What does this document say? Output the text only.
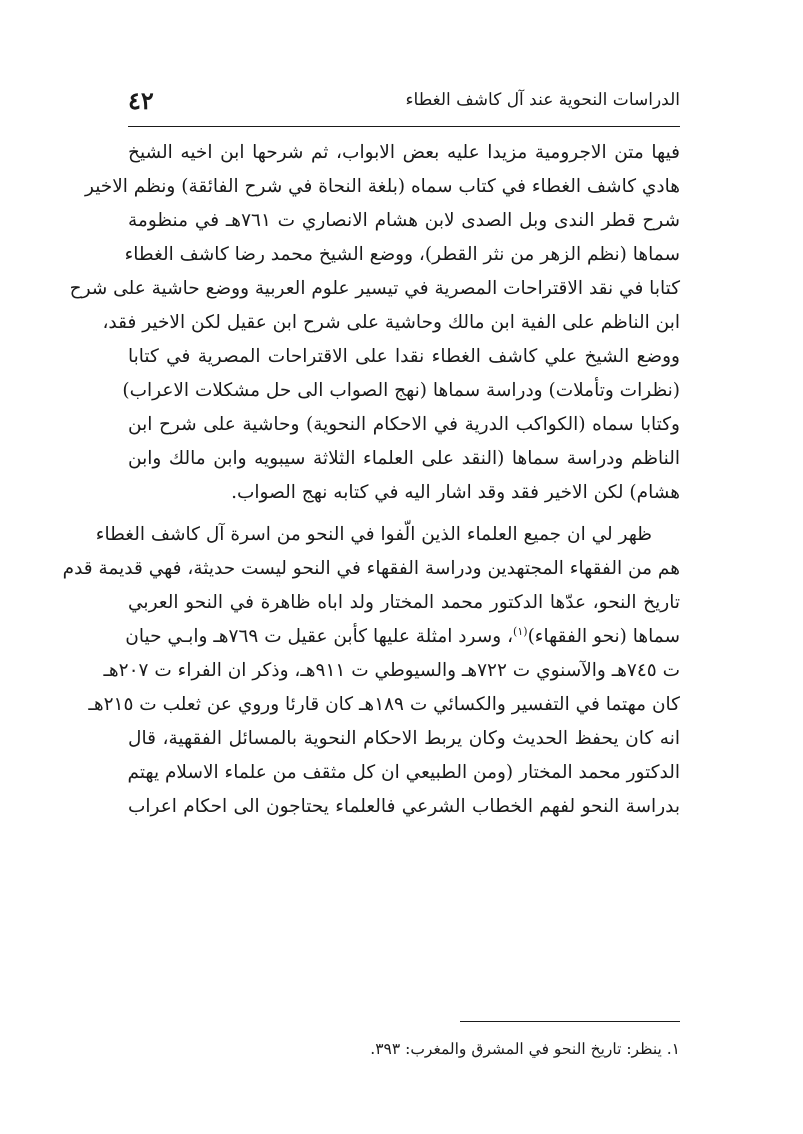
الدراسات النحوية عند آل كاشف الغطاء
٤٢
فيها متن الاجرومية مزيدا عليه بعض الابواب، ثم شرحها ابن اخيه الشيخ
هادي كاشف الغطاء في كتاب سماه (بلغة النحاة في شرح الفائقة) ونظم الاخير
شرح قطر الندى وبل الصدى لابن هشام الانصاري ت ٧٦١هـ في منظومة
سماها (نظم الزهر من نثر القطر)، ووضع الشيخ محمد رضا كاشف الغطاء
كتابا في نقد الاقتراحات المصرية في تيسير علوم العربية ووضع حاشية على شرح
ابن الناظم على الفية ابن مالك وحاشية على شرح ابن عقيل لكن الاخير فقد،
ووضع الشيخ علي كاشف الغطاء نقدا على الاقتراحات المصرية في كتابا
(نظرات وتأملات) ودراسة سماها (نهج الصواب الى حل مشكلات الاعراب)
وكتابا سماه (الكواكب الدرية في الاحكام النحوية) وحاشية على شرح ابن
الناظم ودراسة سماها (النقد على العلماء الثلاثة سيبويه وابن مالك وابن
هشام) لكن الاخير فقد وقد اشار اليه في كتابه نهج الصواب.
ظهر لي ان جميع العلماء الذين الّفوا في النحو من اسرة آل كاشف الغطاء
هم من الفقهاء المجتهدين ودراسة الفقهاء في النحو ليست حديثة، فهي قديمة قدم
تاريخ النحو، عدّها الدكتور محمد المختار ولد اباه ظاهرة في النحو العربي
سماها (نحو الفقهاء)$^{(١)}$، وسرد امثلة عليها كأبن عقيل ت ٧٦٩هـ وابـي حيان
ت ٧٤٥هـ والآسنوي ت ٧٢٢هـ والسيوطي ت ٩١١هـ، وذكر ان الفراء ت ٢٠٧هـ
كان مهتما في التفسير والكسائي ت ١٨٩هـ كان قارئا وروي عن ثعلب ت ٢١٥هـ
انه كان يحفظ الحديث وكان يربط الاحكام النحوية بالمسائل الفقهية، قال
الدكتور محمد المختار (ومن الطبيعي ان كل مثقف من علماء الاسلام يهتم
بدراسة النحو لفهم الخطاب الشرعي فالعلماء يحتاجون الى احكام اعراب
١. ينظر: تاريخ النحو في المشرق والمغرب: ٣٩٣.
